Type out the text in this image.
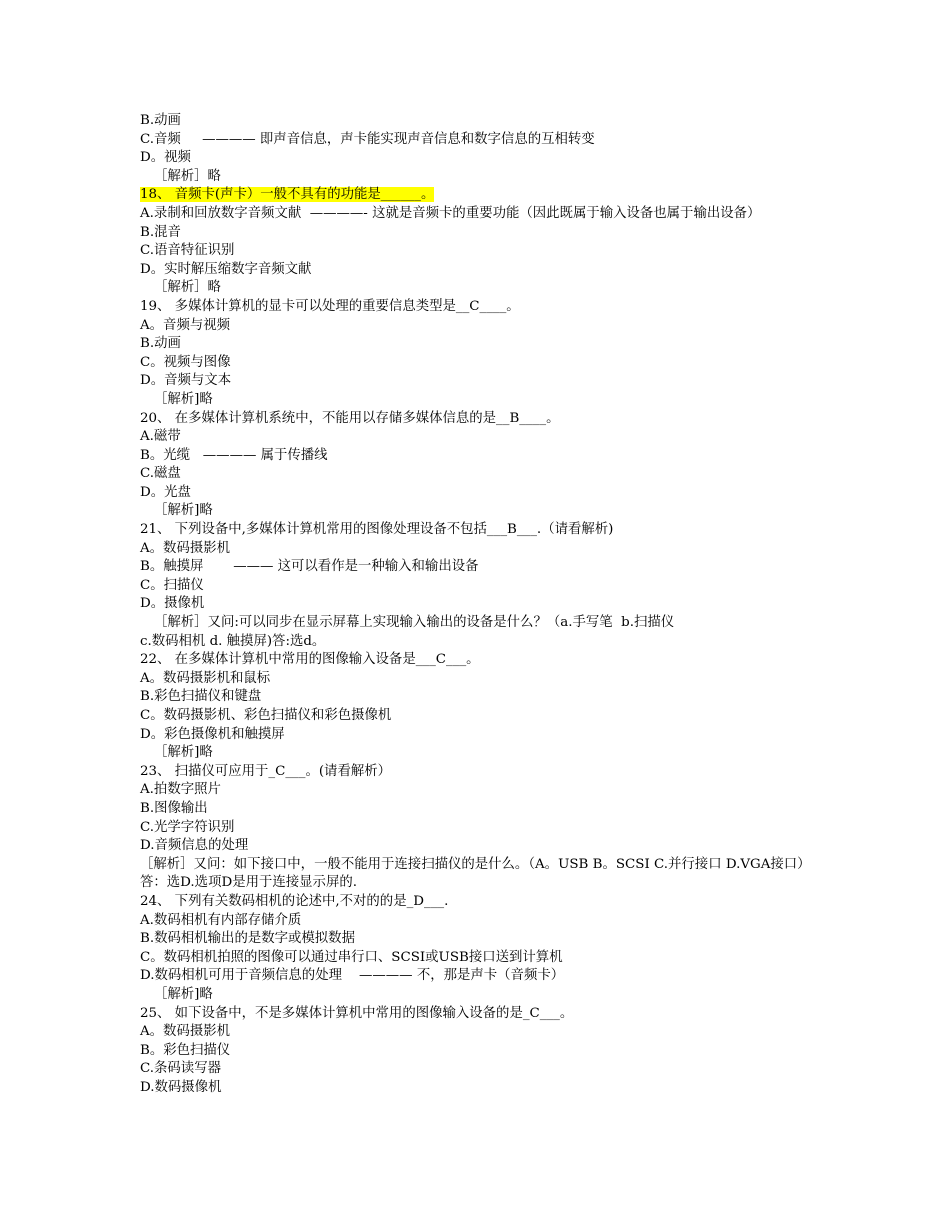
B.动画
C.音频     ———— 即声音信息，声卡能实现声音信息和数字信息的互相转变
D。视频
［解析］略
18、 音频卡(声卡）一般不具有的功能是______。
A.录制和回放数字音频文献  ————- 这就是音频卡的重要功能（因此既属于输入设备也属于输出设备）
B.混音
C.语音特征识别
D。实时解压缩数字音频文献
［解析］略
19、 多媒体计算机的显卡可以处理的重要信息类型是__C____。
A。音频与视频
B.动画
C。视频与图像
D。音频与文本
［解析]略
20、 在多媒体计算机系统中，不能用以存储多媒体信息的是__B____。
A.磁带
B。光缆   ———— 属于传播线
C.磁盘
D。光盘
［解析]略
21、 下列设备中,多媒体计算机常用的图像处理设备不包括___B___.（请看解析)
A。数码摄影机
B。触摸屏       ——— 这可以看作是一种输入和输出设备
C。扫描仪
D。摄像机
［解析］又问:可以同步在显示屏幕上实现输入输出的设备是什么？（a.手写笔  b.扫描仪
c.数码相机 d. 触摸屏)答:选d。
22、 在多媒体计算机中常用的图像输入设备是___C___。
A。数码摄影机和鼠标
B.彩色扫描仪和键盘
C。数码摄影机、彩色扫描仪和彩色摄像机
D。彩色摄像机和触摸屏
［解析]略
23、 扫描仪可应用于_C___。(请看解析）
A.拍数字照片
B.图像输出
C.光学字符识别
D.音频信息的处理
［解析］又问：如下接口中，一般不能用于连接扫描仪的是什么。（A。USB B。SCSI C.并行接口 D.VGA接口）答：选D.选项D是用于连接显示屏的.
24、 下列有关数码相机的论述中,不对的的是_D___.
A.数码相机有内部存储介质
B.数码相机输出的是数字或模拟数据
C。数码相机拍照的图像可以通过串行口、SCSI或USB接口送到计算机
D.数码相机可用于音频信息的处理    ———— 不，那是声卡（音频卡）
［解析]略
25、 如下设备中，不是多媒体计算机中常用的图像输入设备的是_C___。
A。数码摄影机
B。彩色扫描仪
C.条码读写器
D.数码摄像机
